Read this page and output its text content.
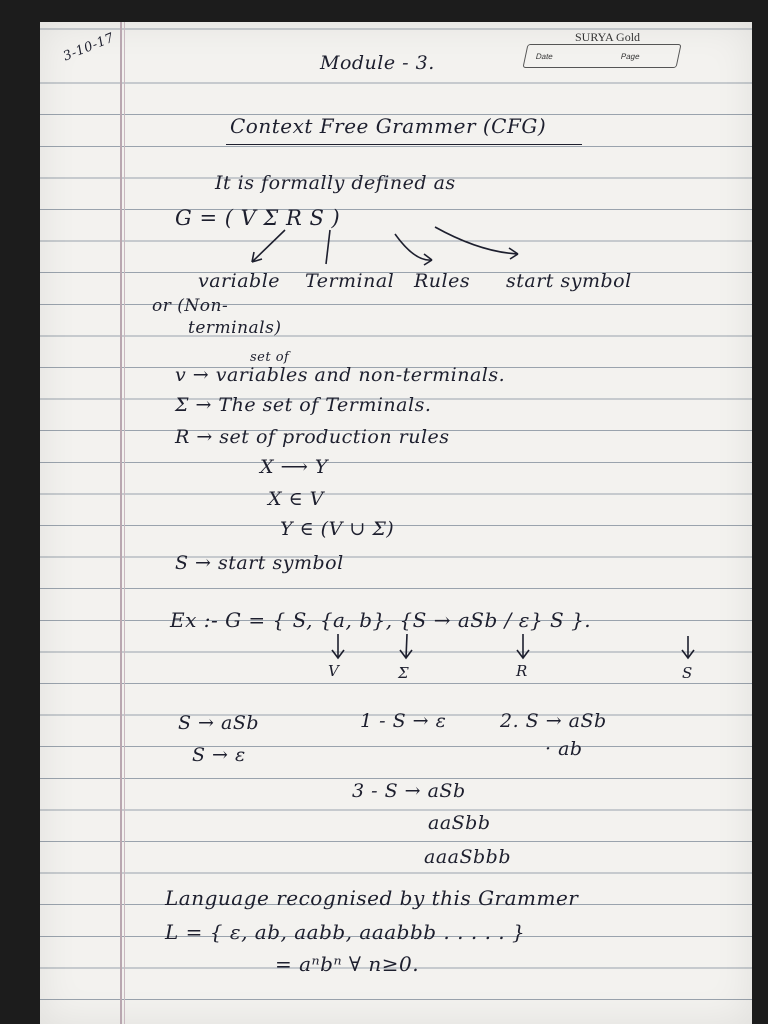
SURYA Gold
Date	Page
3-10-17	Module - 3.
Context Free Grammer (CFG)
It is formally defined as
G = ( V Σ R S )
variable Terminal Rules start symbol
or (Non-
terminals)
set of
v → variables and non-terminals.
Σ → The set of Terminals.
R → set of production rules
X ⟶ Y
X ∈ V
Y ∈ (V ∪ Σ)
S → start symbol
Ex :- G = { S, {a, b}, {S → aSb / ε} S }.
V	Σ	R	S
S → aSb
S → ε
1 - S → ε	2. S → aSb
· ab
3 - S → aSb
aaSbb
aaaSbbb
Language recognised by this Grammer
L = { ε, ab, aabb, aaabbb . . . . . }
= aⁿbⁿ ∀ n≥0.
